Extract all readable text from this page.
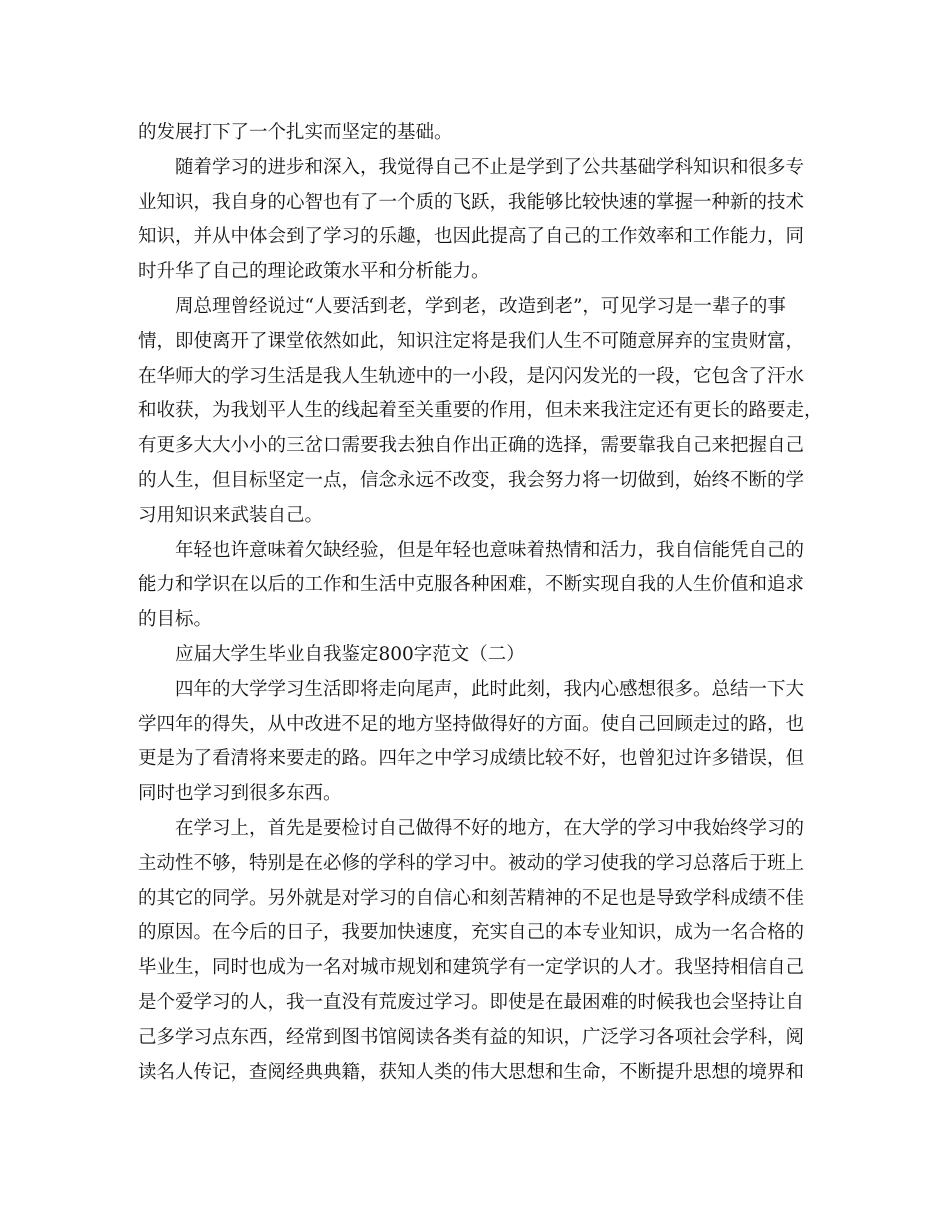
的发展打下了一个扎实而坚定的基础。
随着学习的进步和深入，我觉得自己不止是学到了公共基础学科知识和很多专
业知识，我自身的心智也有了一个质的飞跃，我能够比较快速的掌握一种新的技术
知识，并从中体会到了学习的乐趣，也因此提高了自己的工作效率和工作能力，同
时升华了自己的理论政策水平和分析能力。
周总理曾经说过“人要活到老，学到老，改造到老”，可见学习是一辈子的事
情，即使离开了课堂依然如此，知识注定将是我们人生不可随意屏弃的宝贵财富，
在华师大的学习生活是我人生轨迹中的一小段，是闪闪发光的一段，它包含了汗水
和收获，为我划平人生的线起着至关重要的作用，但未来我注定还有更长的路要走，
有更多大大小小的三岔口需要我去独自作出正确的选择，需要靠我自己来把握自己
的人生，但目标坚定一点，信念永远不改变，我会努力将一切做到，始终不断的学
习用知识来武装自己。
年轻也许意味着欠缺经验，但是年轻也意味着热情和活力，我自信能凭自己的
能力和学识在以后的工作和生活中克服各种困难，不断实现自我的人生价值和追求
的目标。
应届大学生毕业自我鉴定800字范文（二）
四年的大学学习生活即将走向尾声，此时此刻，我内心感想很多。总结一下大
学四年的得失，从中改进不足的地方坚持做得好的方面。使自己回顾走过的路，也
更是为了看清将来要走的路。四年之中学习成绩比较不好，也曾犯过许多错误，但
同时也学习到很多东西。
在学习上，首先是要检讨自己做得不好的地方，在大学的学习中我始终学习的
主动性不够，特别是在必修的学科的学习中。被动的学习使我的学习总落后于班上
的其它的同学。另外就是对学习的自信心和刻苦精神的不足也是导致学科成绩不佳
的原因。在今后的日子，我要加快速度，充实自己的本专业知识，成为一名合格的
毕业生，同时也成为一名对城市规划和建筑学有一定学识的人才。我坚持相信自己
是个爱学习的人，我一直没有荒废过学习。即使是在最困难的时候我也会坚持让自
己多学习点东西，经常到图书馆阅读各类有益的知识，广泛学习各项社会学科，阅
读名人传记，查阅经典典籍，获知人类的伟大思想和生命，不断提升思想的境界和
